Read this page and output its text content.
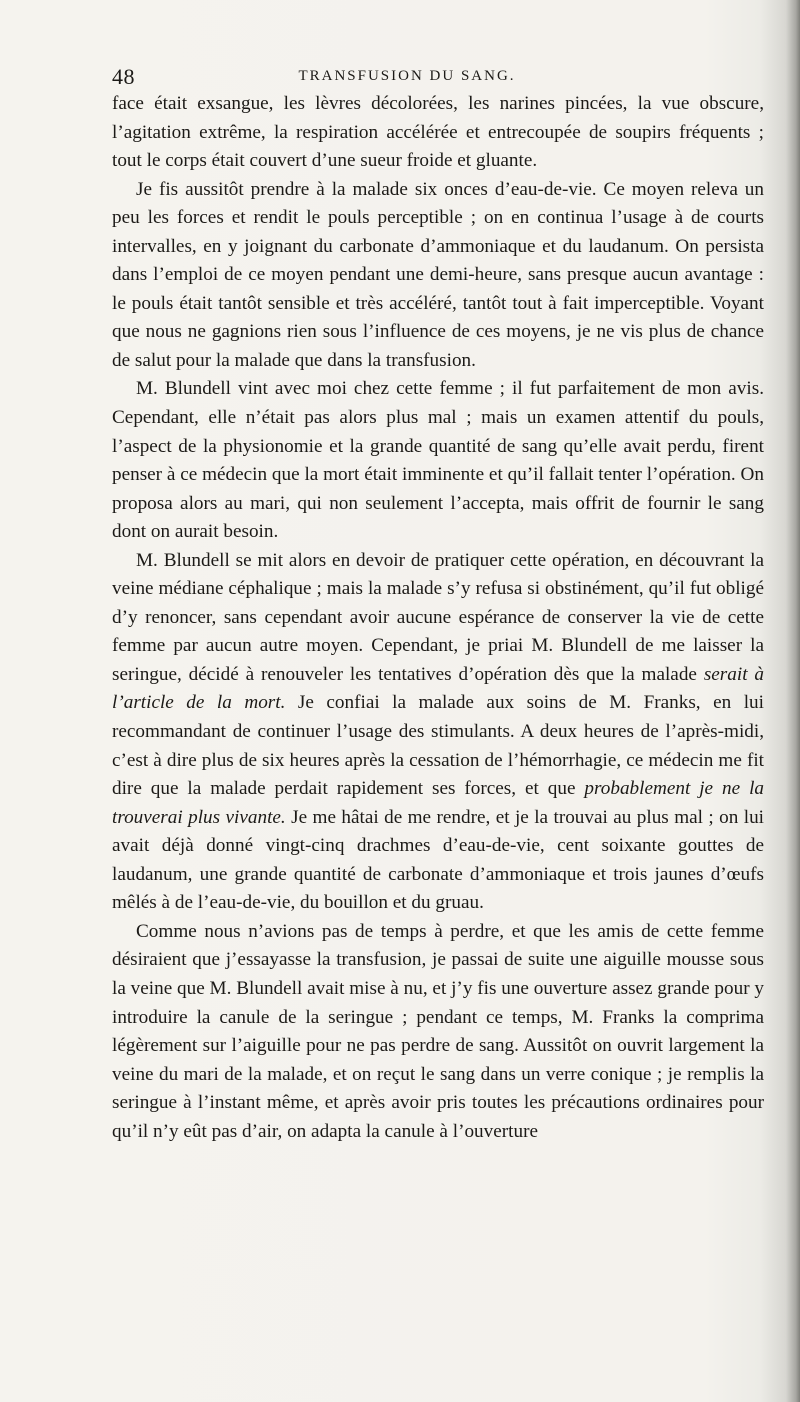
48	TRANSFUSION DU SANG.

face était exsangue, les lèvres décolorées, les narines pincées, la vue obscure, l’agitation extrême, la respiration accélérée et entrecoupée de soupirs fréquents ; tout le corps était couvert d’une sueur froide et gluante.

Je fis aussitôt prendre à la malade six onces d’eau-de-vie. Ce moyen releva un peu les forces et rendit le pouls perceptible ; on en continua l’usage à de courts intervalles, en y joignant du carbonate d’ammoniaque et du laudanum. On persista dans l’emploi de ce moyen pendant une demi-heure, sans presque aucun avantage : le pouls était tantôt sensible et très accéléré, tantôt tout à fait imperceptible. Voyant que nous ne gagnions rien sous l’influence de ces moyens, je ne vis plus de chance de salut pour la malade que dans la transfusion.

M. Blundell vint avec moi chez cette femme ; il fut parfaitement de mon avis. Cependant, elle n’était pas alors plus mal ; mais un examen attentif du pouls, l’aspect de la physionomie et la grande quantité de sang qu’elle avait perdu, firent penser à ce médecin que la mort était imminente et qu’il fallait tenter l’opération. On proposa alors au mari, qui non seulement l’accepta, mais offrit de fournir le sang dont on aurait besoin.

M. Blundell se mit alors en devoir de pratiquer cette opération, en découvrant la veine médiane céphalique ; mais la malade s’y refusa si obstinément, qu’il fut obligé d’y renoncer, sans cependant avoir aucune espérance de conserver la vie de cette femme par aucun autre moyen. Cependant, je priai M. Blundell de me laisser la seringue, décidé à renouveler les tentatives d’opération dès que la malade serait à l’article de la mort. Je confiai la malade aux soins de M. Franks, en lui recommandant de continuer l’usage des stimulants. A deux heures de l’après-midi, c’est à dire plus de six heures après la cessation de l’hémorrhagie, ce médecin me fit dire que la malade perdait rapidement ses forces, et que probablement je ne la trouverai plus vivante. Je me hâtai de me rendre, et je la trouvai au plus mal ; on lui avait déjà donné vingt-cinq drachmes d’eau-de-vie, cent soixante gouttes de laudanum, une grande quantité de carbonate d’ammoniaque et trois jaunes d’œufs mêlés à de l’eau-de-vie, du bouillon et du gruau.

Comme nous n’avions pas de temps à perdre, et que les amis de cette femme désiraient que j’essayasse la transfusion, je passai de suite une aiguille mousse sous la veine que M. Blundell avait mise à nu, et j’y fis une ouverture assez grande pour y introduire la canule de la seringue ; pendant ce temps, M. Franks la comprima légèrement sur l’aiguille pour ne pas perdre de sang. Aussitôt on ouvrit largement la veine du mari de la malade, et on reçut le sang dans un verre conique ; je remplis la seringue à l’instant même, et après avoir pris toutes les précautions ordinaires pour qu’il n’y eût pas d’air, on adapta la canule à l’ouverture
